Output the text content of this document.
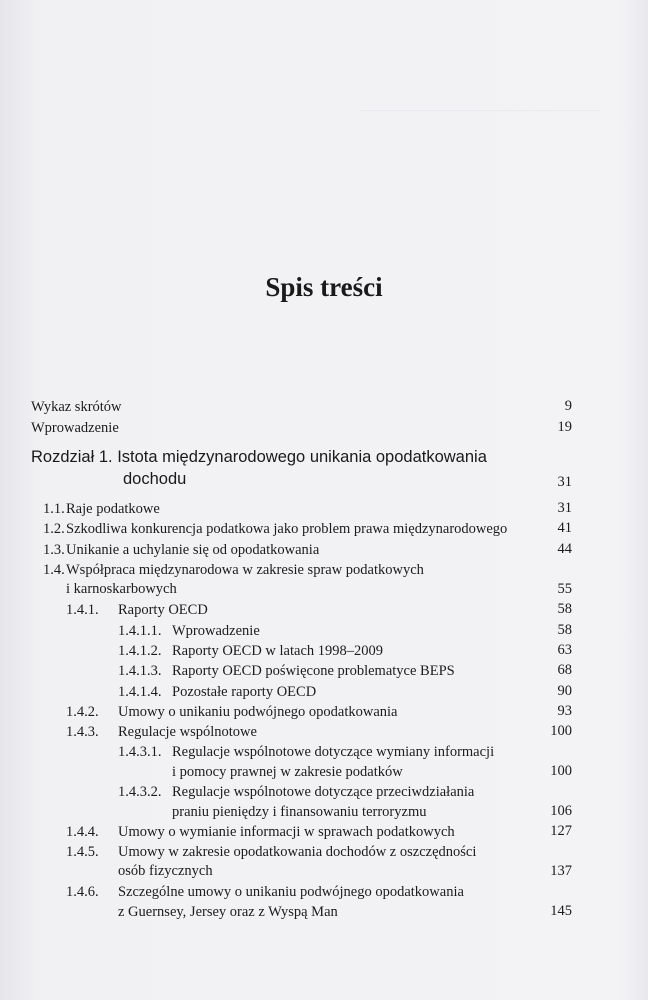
Spis treści
Wykaz skrótów	9
Wprowadzenie	19
Rozdział 1. Istota międzynarodowego unikania opodatkowania
dochodu	31
1.1. Raje podatkowe	31
1.2. Szkodliwa konkurencja podatkowa jako problem prawa międzynarodowego	41
1.3. Unikanie a uchylanie się od opodatkowania	44
1.4. Współpraca międzynarodowa w zakresie spraw podatkowych
i karnoskarbowych	55
1.4.1. Raporty OECD	58
1.4.1.1. Wprowadzenie	58
1.4.1.2. Raporty OECD w latach 1998–2009	63
1.4.1.3. Raporty OECD poświęcone problematyce BEPS	68
1.4.1.4. Pozostałe raporty OECD	90
1.4.2. Umowy o unikaniu podwójnego opodatkowania	93
1.4.3. Regulacje wspólnotowe	100
1.4.3.1. Regulacje wspólnotowe dotyczące wymiany informacji
i pomocy prawnej w zakresie podatków	100
1.4.3.2. Regulacje wspólnotowe dotyczące przeciwdziałania
praniu pieniędzy i finansowaniu terroryzmu	106
1.4.4. Umowy o wymianie informacji w sprawach podatkowych	127
1.4.5. Umowy w zakresie opodatkowania dochodów z oszczędności
osób fizycznych	137
1.4.6. Szczególne umowy o unikaniu podwójnego opodatkowania
z Guernsey, Jersey oraz z Wyspą Man	145
